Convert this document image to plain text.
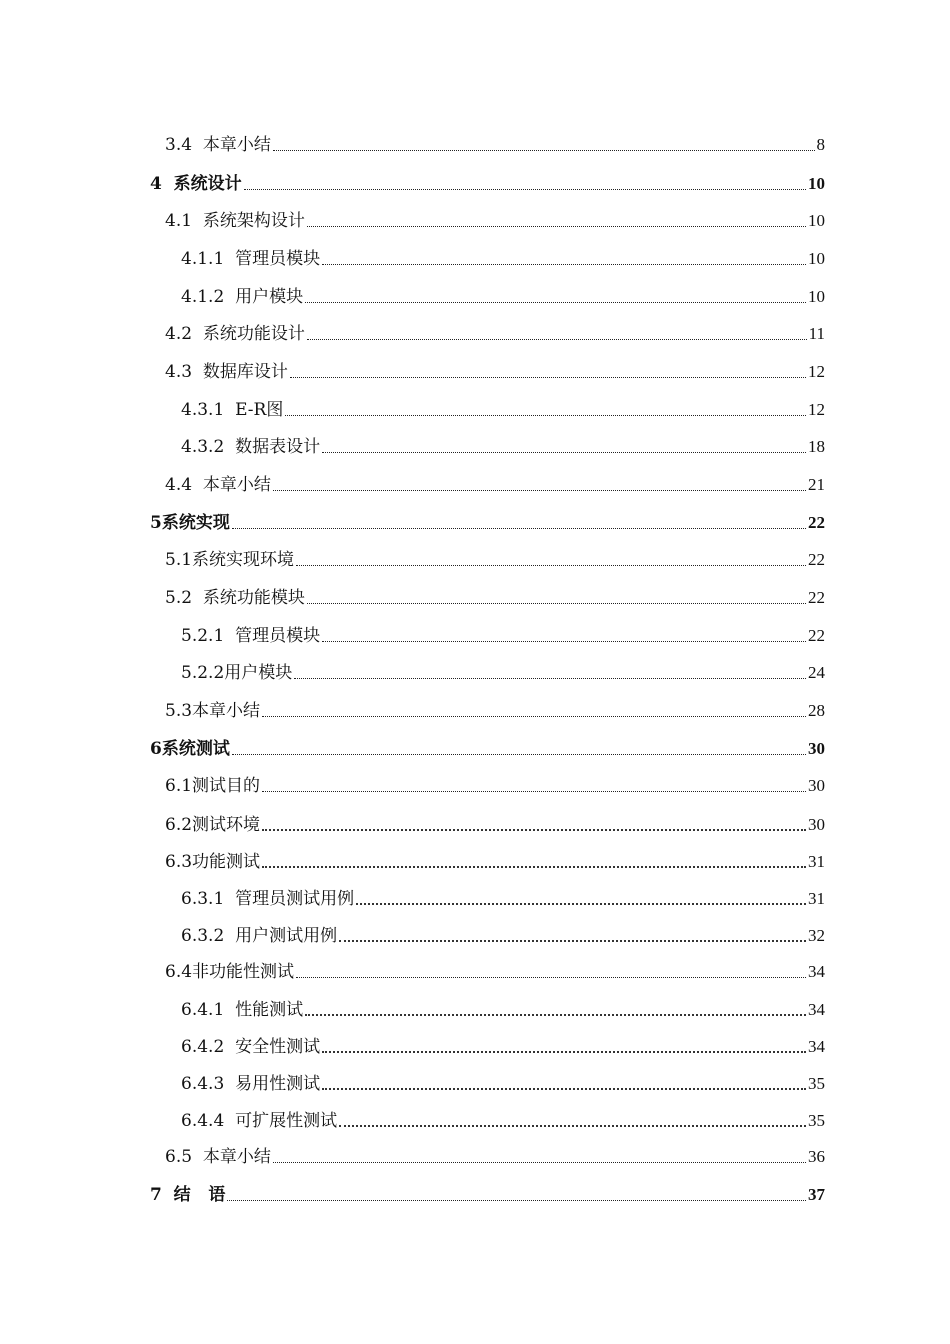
3.4  本章小结	8
4  系统设计	10
4.1  系统架构设计	10
4.1.1  管理员模块	10
4.1.2  用户模块	10
4.2  系统功能设计	11
4.3  数据库设计	12
4.3.1  E-R图	12
4.3.2  数据表设计	18
4.4  本章小结	21
5系统实现	22
5.1系统实现环境	22
5.2  系统功能模块	22
5.2.1  管理员模块	22
5.2.2用户模块	24
5.3本章小结	28
6系统测试	30
6.1测试目的	30
6.2测试环境	30
6.3功能测试	31
6.3.1  管理员测试用例	31
6.3.2  用户测试用例	32
6.4非功能性测试	34
6.4.1  性能测试	34
6.4.2  安全性测试	34
6.4.3  易用性测试	35
6.4.4  可扩展性测试	35
6.5  本章小结	36
7  结   语	37
